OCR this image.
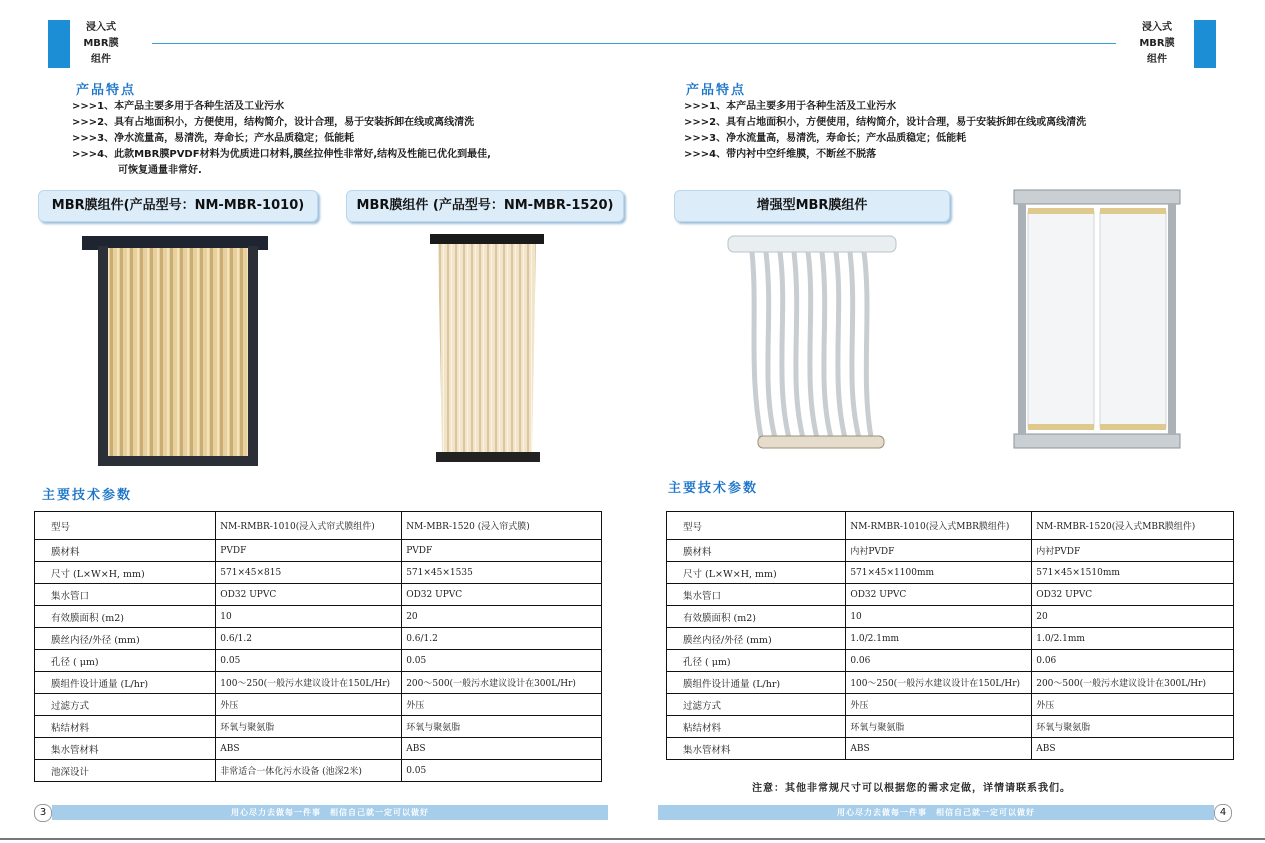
浸入式
MBR膜
组件
浸入式
MBR膜
组件
产品特点
>>>1、本产品主要多用于各种生活及工业污水
>>>2、具有占地面积小，方便使用，结构简介，设计合理，易于安装拆卸在线或离线清洗
>>>3、净水流量高，易清洗，寿命长；产水品质稳定；低能耗
>>>4、此款MBR膜PVDF材料为优质进口材料,膜丝拉伸性非常好,结构及性能已优化到最佳,
可恢复通量非常好.
产品特点
>>>1、本产品主要多用于各种生活及工业污水
>>>2、具有占地面积小，方便使用，结构简介，设计合理，易于安装拆卸在线或离线清洗
>>>3、净水流量高，易清洗，寿命长；产水品质稳定；低能耗
>>>4、带内衬中空纤维膜，不断丝不脱落
MBR膜组件(产品型号：NM-MBR-1010)	MBR膜组件 (产品型号：NM-MBR-1520)	增强型MBR膜组件
主要技术参数	主要技术参数
型号	NM-RMBR-1010(浸入式帘式膜组件)	NM-MBR-1520 (浸入帘式膜)
膜材料	PVDF	PVDF
尺寸 (L×W×H, mm)	571×45×815	571×45×1535
集水管口	OD32 UPVC	OD32 UPVC
有效膜面积 (m2)	10	20
膜丝内径/外径 (mm)	0.6/1.2	0.6/1.2
孔径 ( μm)	0.05	0.05
膜组件设计通量 (L/hr)	100～250(一般污水建议设计在150L/Hr)	200～500(一般污水建议设计在300L/Hr)
过滤方式	外压	外压
粘结材料	环氧与聚氨脂	环氧与聚氨脂
集水管材料	ABS	ABS
池深设计	非常适合一体化污水设备 (池深2米)	0.05
型号	NM-RMBR-1010(浸入式MBR膜组件)	NM-RMBR-1520(浸入式MBR膜组件)
膜材料	内衬PVDF	内衬PVDF
尺寸 (L×W×H, mm)	571×45×1100mm	571×45×1510mm
集水管口	OD32 UPVC	OD32 UPVC
有效膜面积 (m2)	10	20
膜丝内径/外径 (mm)	1.0/2.1mm	1.0/2.1mm
孔径 ( μm)	0.06	0.06
膜组件设计通量 (L/hr)	100～250(一般污水建议设计在150L/Hr)	200～500(一般污水建议设计在300L/Hr)
过滤方式	外压	外压
粘结材料	环氧与聚氨脂	环氧与聚氨脂
集水管材料	ABS	ABS
注意：其他非常规尺寸可以根据您的需求定做，详情请联系我们。
3	用心尽力去做每一件事　相信自己就一定可以做好	用心尽力去做每一件事　相信自己就一定可以做好	4
